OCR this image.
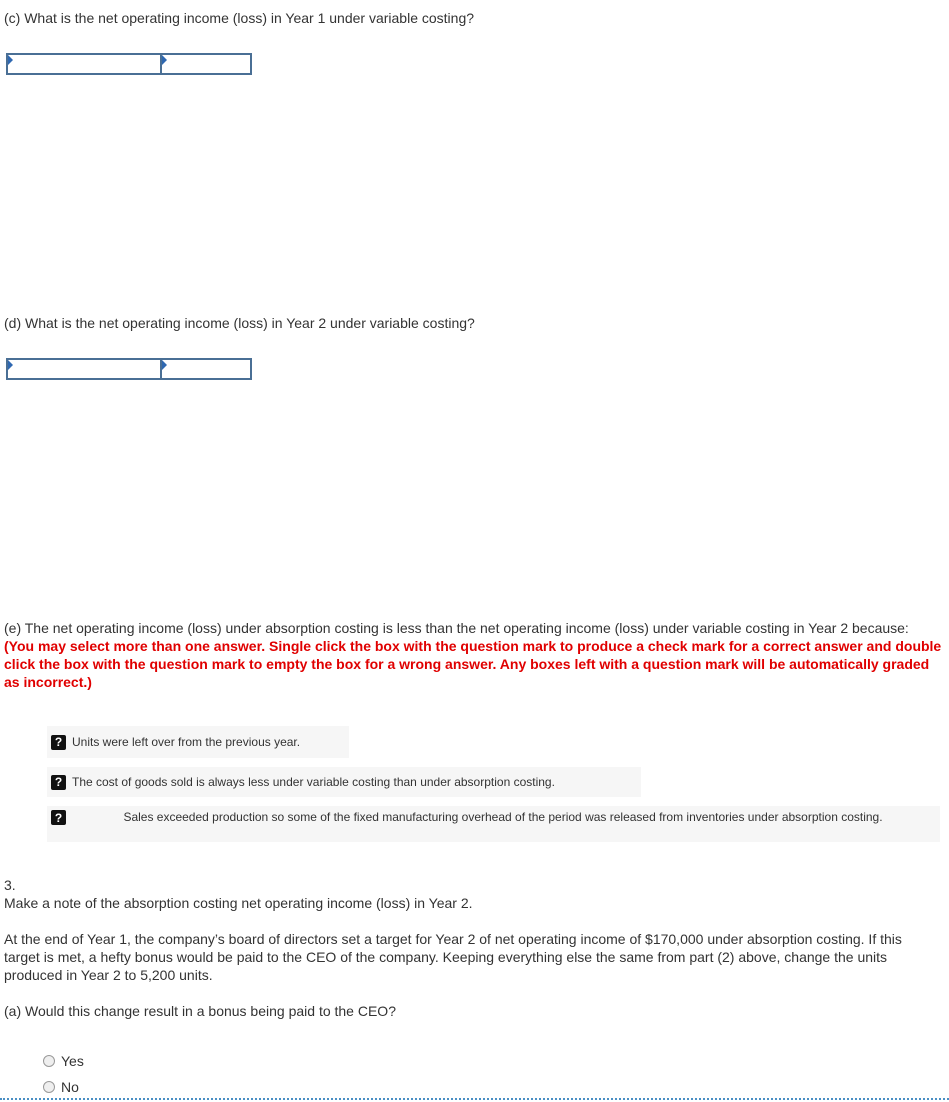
(c) What is the net operating income (loss) in Year 1 under variable costing?
(d) What is the net operating income (loss) in Year 2 under variable costing?
(e) The net operating income (loss) under absorption costing is less than the net operating income (loss) under variable costing in Year 2 because: (You may select more than one answer. Single click the box with the question mark to produce a check mark for a correct answer and double click the box with the question mark to empty the box for a wrong answer. Any boxes left with a question mark will be automatically graded as incorrect.)
? Units were left over from the previous year.
? The cost of goods sold is always less under variable costing than under absorption costing.
?	Sales exceeded production so some of the fixed manufacturing overhead of the period was released from inventories under absorption costing.
3.
Make a note of the absorption costing net operating income (loss) in Year 2.
At the end of Year 1, the company’s board of directors set a target for Year 2 of net operating income of $170,000 under absorption costing. If this target is met, a hefty bonus would be paid to the CEO of the company. Keeping everything else the same from part (2) above, change the units produced in Year 2 to 5,200 units.
(a) Would this change result in a bonus being paid to the CEO?
Yes
No
